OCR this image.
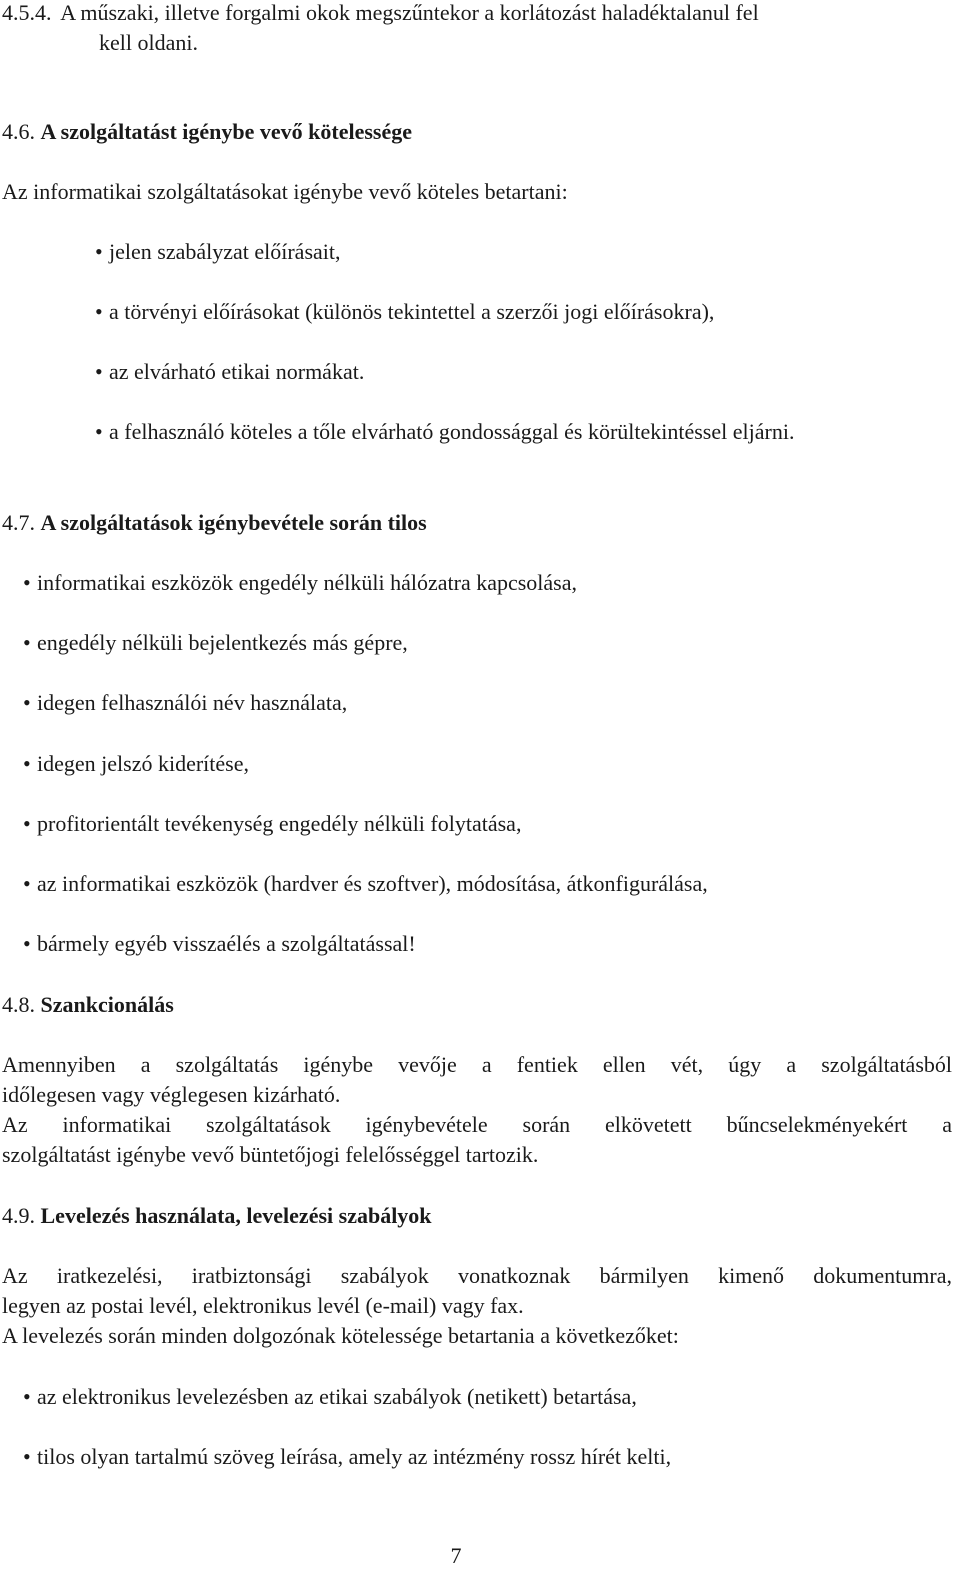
4.5.4.  A műszaki, illetve forgalmi okok megszűntekor a korlátozást haladéktalanul fel
kell oldani.
4.6. A szolgáltatást igénybe vevő kötelessége
Az informatikai szolgáltatásokat igénybe vevő köteles betartani:
• jelen szabályzat előírásait,
• a törvényi előírásokat (különös tekintettel a szerzői jogi előírásokra),
• az elvárható etikai normákat.
• a felhasználó köteles a tőle elvárható gondossággal és körültekintéssel eljárni.
4.7. A szolgáltatások igénybevétele során tilos
• informatikai eszközök engedély nélküli hálózatra kapcsolása,
• engedély nélküli bejelentkezés más gépre,
• idegen felhasználói név használata,
• idegen jelszó kiderítése,
• profitorientált tevékenység engedély nélküli folytatása,
• az informatikai eszközök (hardver és szoftver), módosítása, átkonfigurálása,
• bármely egyéb visszaélés a szolgáltatással!
4.8. Szankcionálás
Amennyiben a szolgáltatás igénybe vevője a fentiek ellen vét, úgy a szolgáltatásból
időlegesen vagy véglegesen kizárható.
Az informatikai szolgáltatások igénybevétele során elkövetett bűncselekményekért a
szolgáltatást igénybe vevő büntetőjogi felelősséggel tartozik.
4.9. Levelezés használata, levelezési szabályok
Az iratkezelési, iratbiztonsági szabályok vonatkoznak bármilyen kimenő dokumentumra,
legyen az postai levél, elektronikus levél (e-mail) vagy fax.
A levelezés során minden dolgozónak kötelessége betartania a következőket:
• az elektronikus levelezésben az etikai szabályok (netikett) betartása,
• tilos olyan tartalmú szöveg leírása, amely az intézmény rossz hírét kelti,
7
